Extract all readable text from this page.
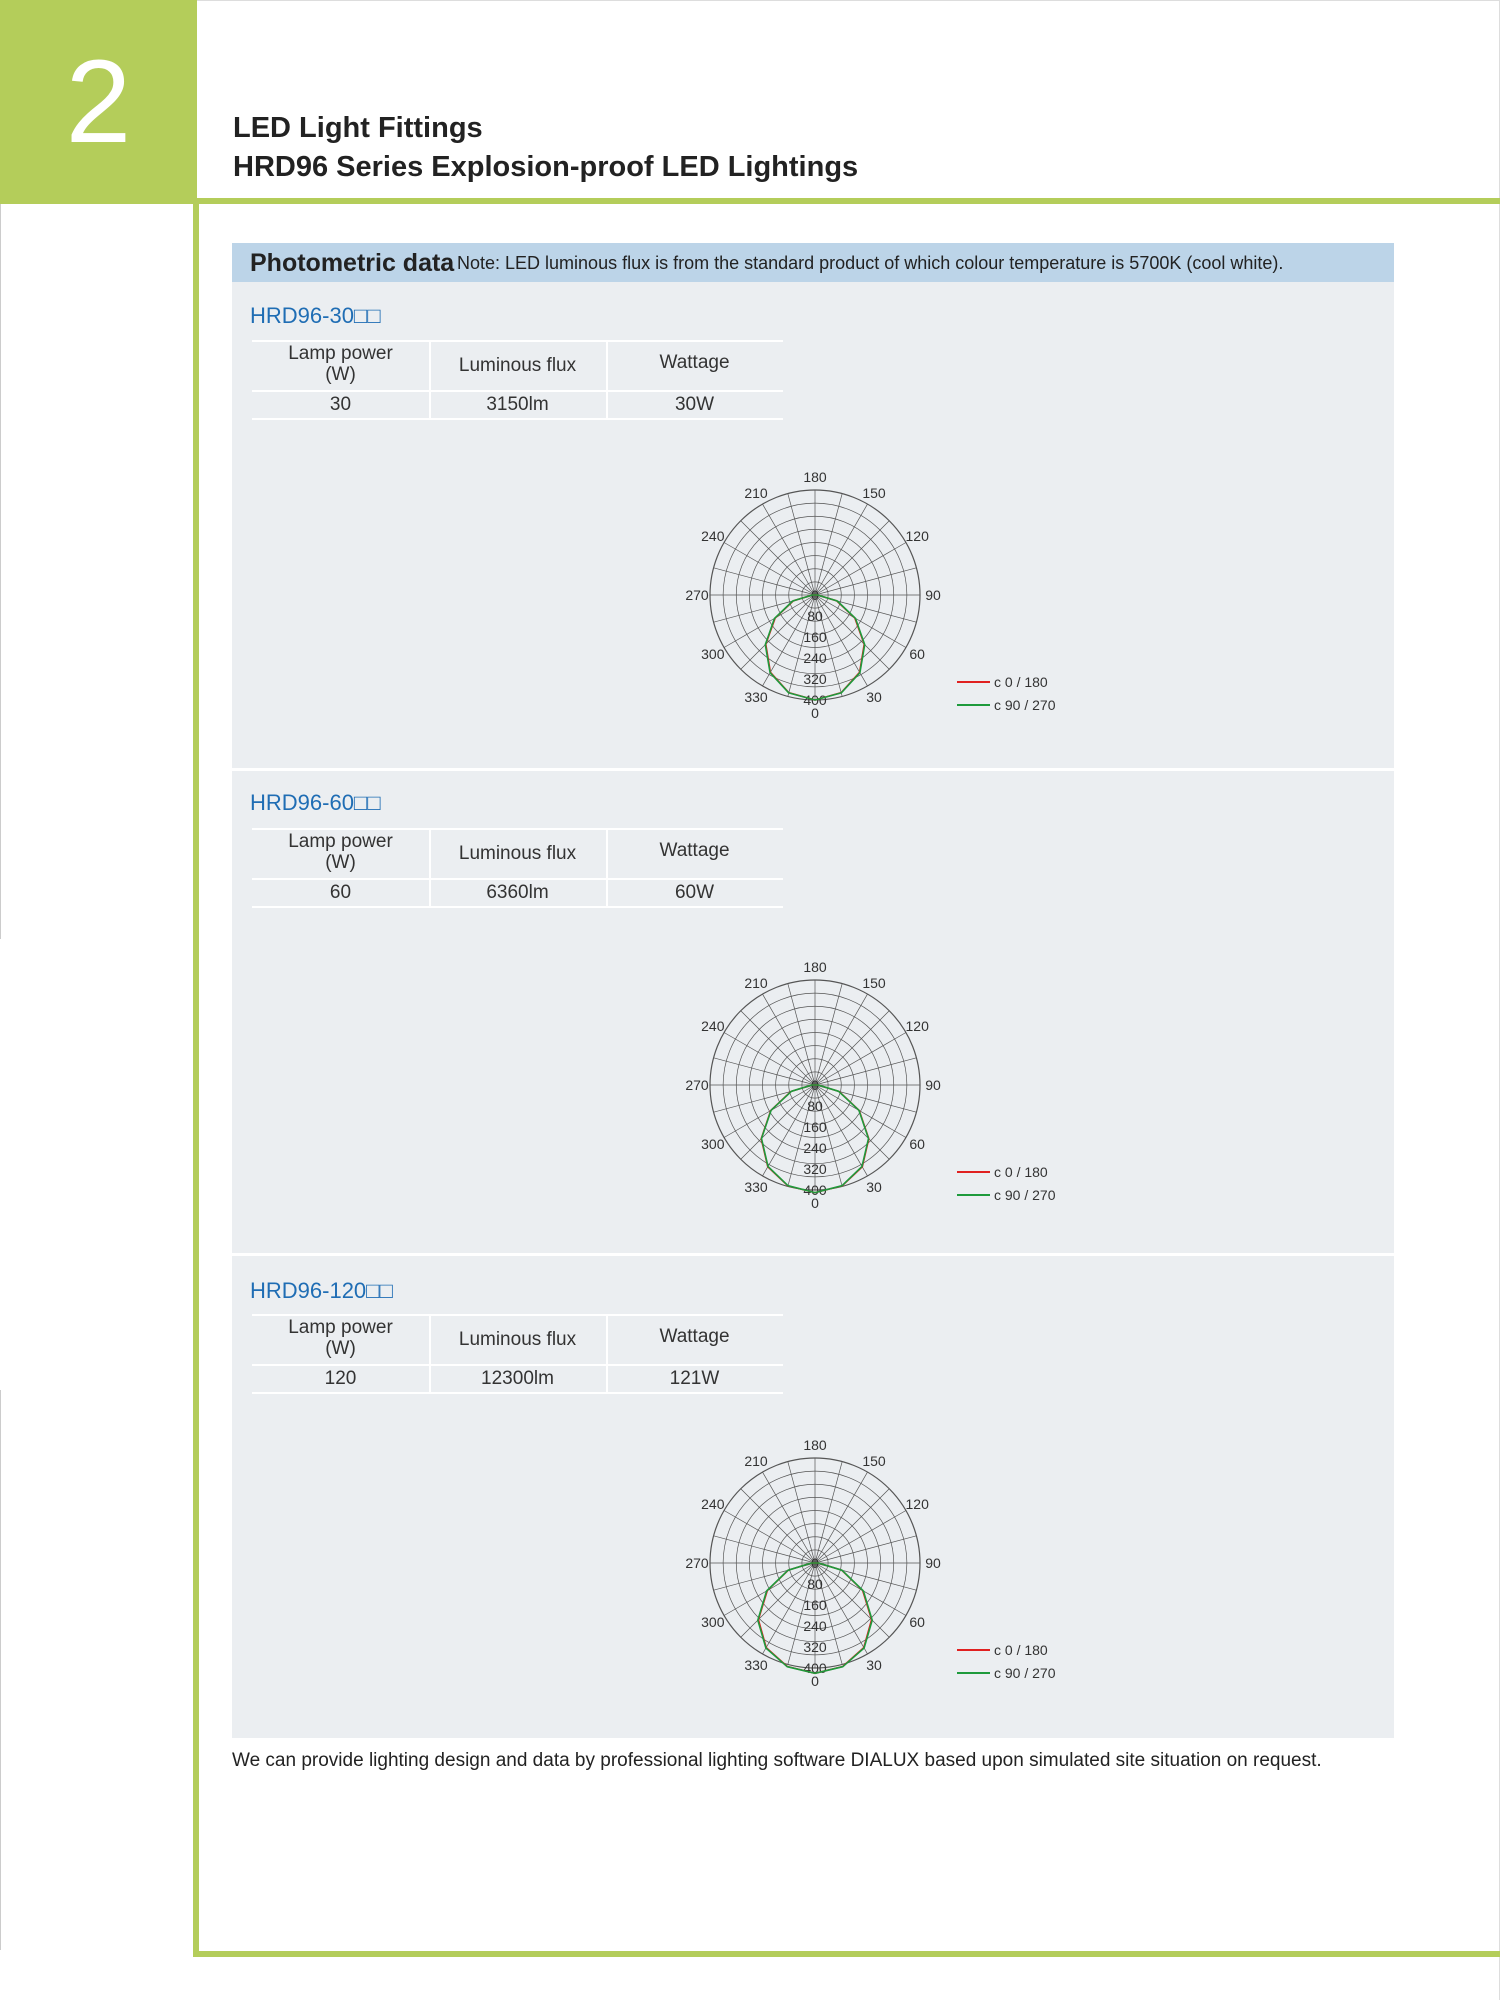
2	LED Light Fittings
HRD96 Series Explosion-proof LED Lightings
Photometric data Note: LED luminous flux is from the standard product of which colour temperature is 5700K (cool white).
HRD96-30□□
Lamp power
(W)	Luminous flux	Wattage
30	3150lm	30W
0
30
60
90
120
150
180
210
240
270
300
330
0
80
160
240
320
400
c 0 / 180
c 90 / 270
HRD96-60□□
Lamp power
(W)	Luminous flux	Wattage
60	6360lm	60W
0
30
60
90
120
150
180
210
240
270
300
330
0
80
160
240
320
400
c 0 / 180
c 90 / 270
HRD96-120□□
Lamp power
(W)	Luminous flux	Wattage
120	12300lm	121W
0
30
60
90
120
150
180
210
240
270
300
330
0
80
160
240
320
400
c 0 / 180
c 90 / 270
We can provide lighting design and data by professional lighting software DIALUX based upon simulated site situation on request.
